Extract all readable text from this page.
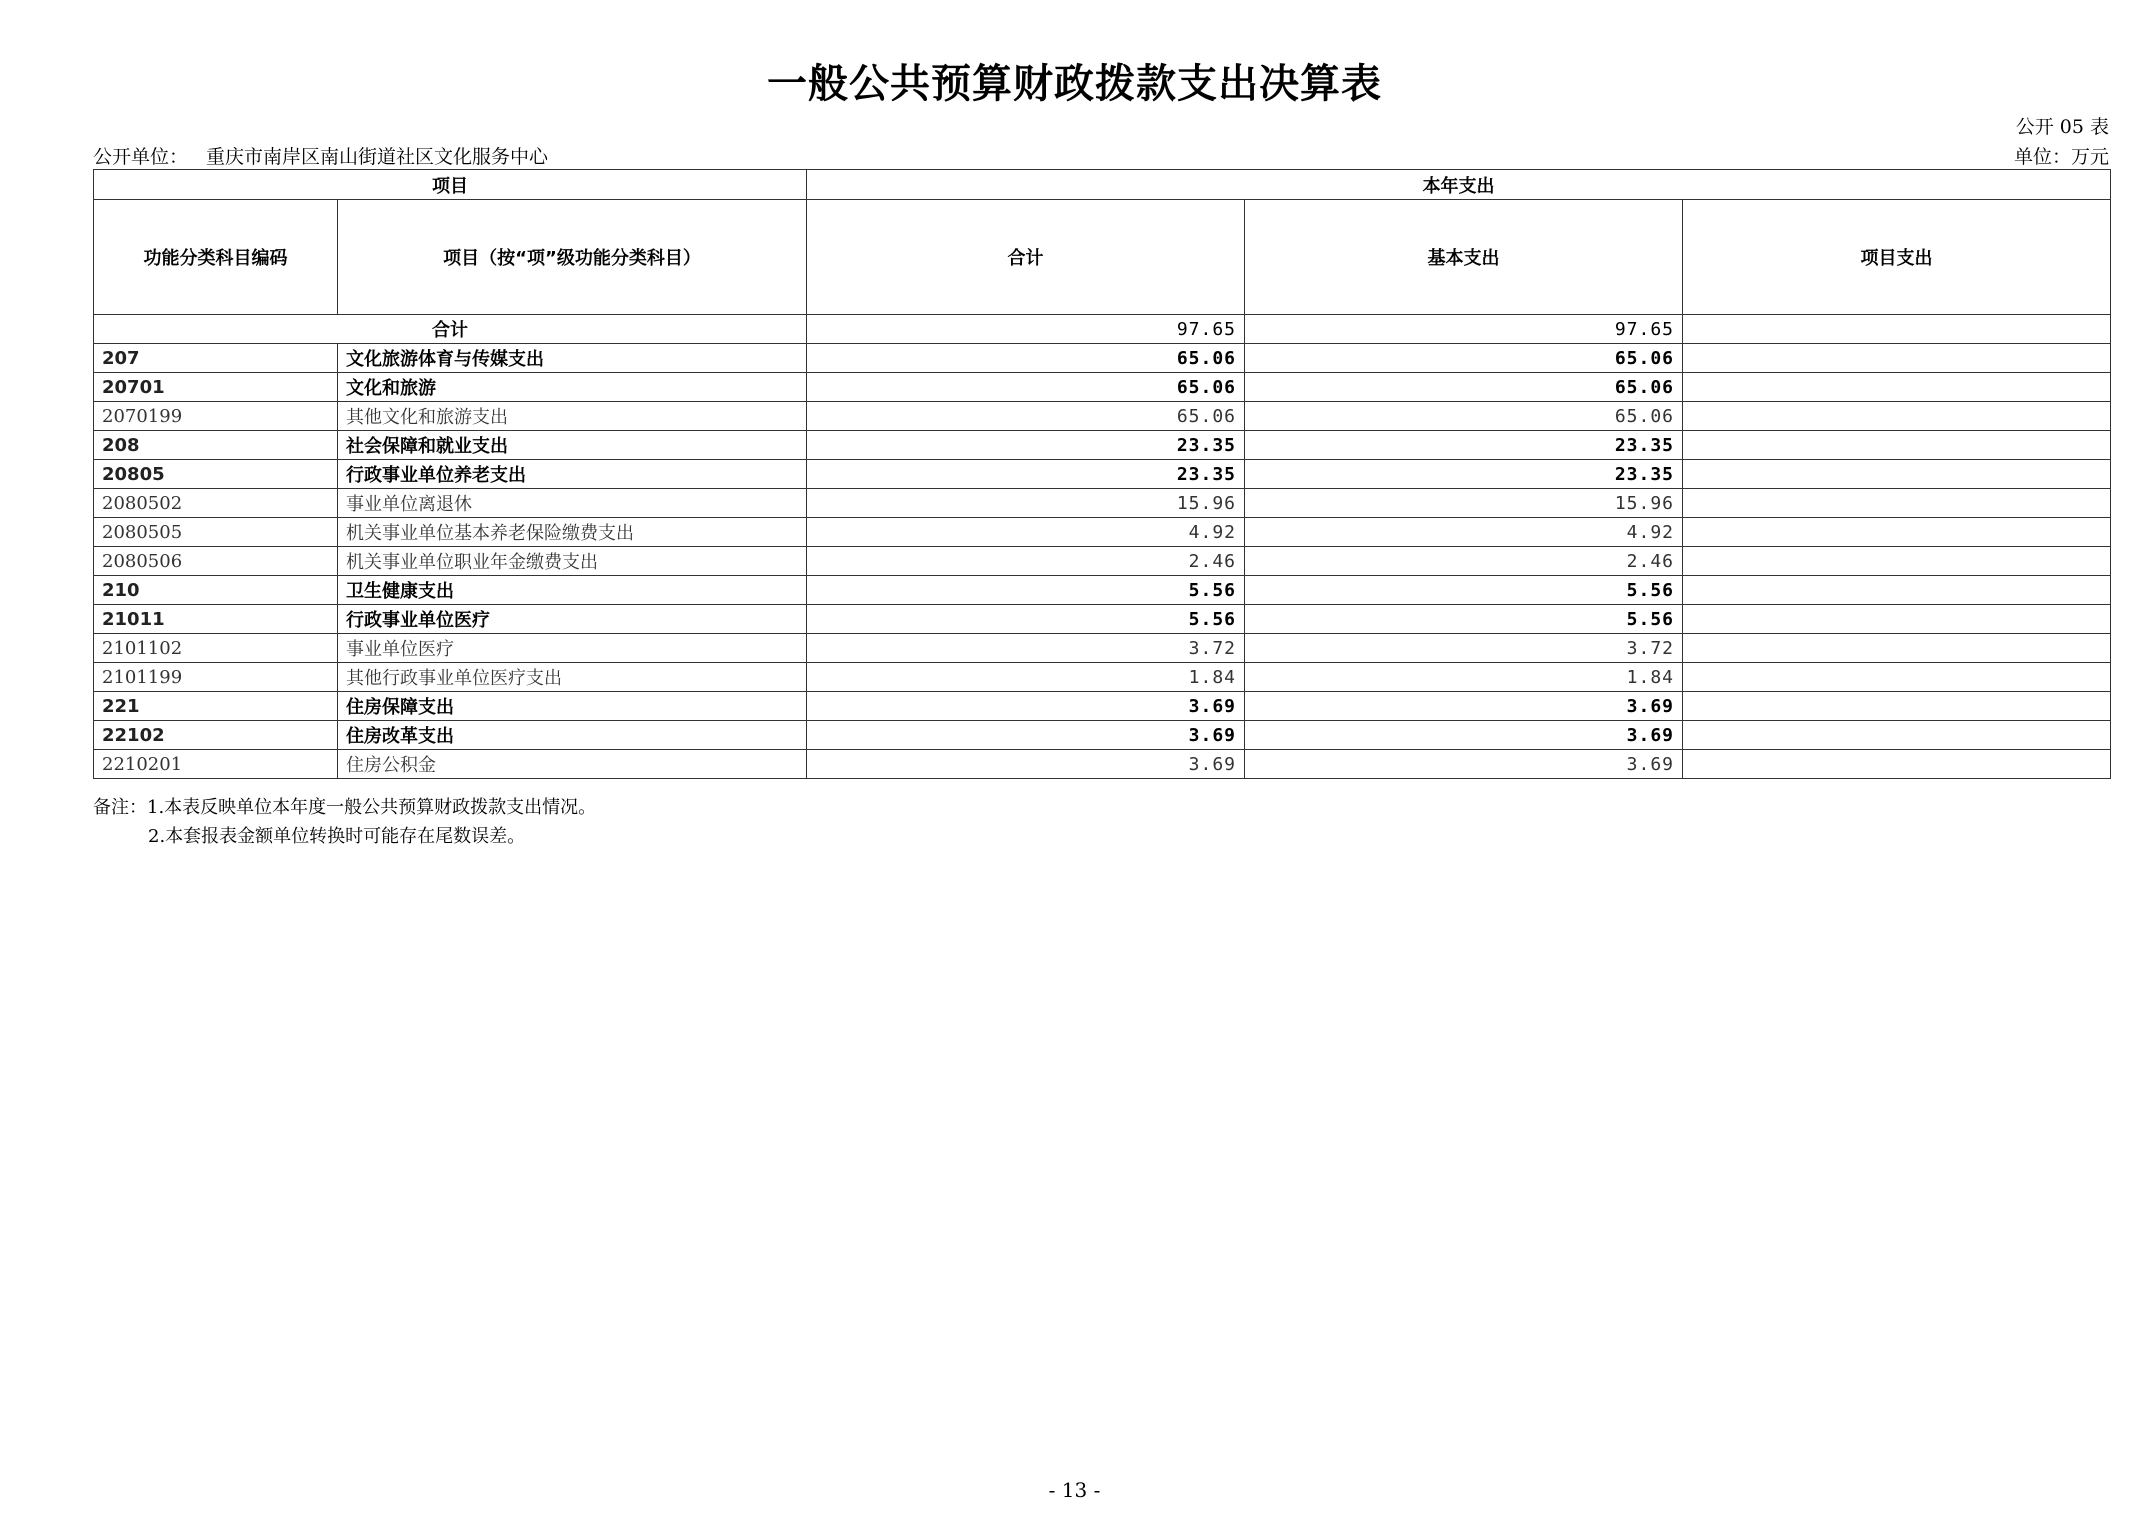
一般公共预算财政拨款支出决算表
公开 05 表
公开单位： 重庆市南岸区南山街道社区文化服务中心	单位：万元
项目		本年支出		
功能分类科目编码	项目（按“项”级功能分类科目）	合计	基本支出	项目支出
合计		97.65	97.65	
207	文化旅游体育与传媒支出	65.06	65.06	
20701	文化和旅游	65.06	65.06	
2070199	其他文化和旅游支出	65.06	65.06	
208	社会保障和就业支出	23.35	23.35	
20805	行政事业单位养老支出	23.35	23.35	
2080502	事业单位离退休	15.96	15.96	
2080505	机关事业单位基本养老保险缴费支出	4.92	4.92	
2080506	机关事业单位职业年金缴费支出	2.46	2.46	
210	卫生健康支出	5.56	5.56	
21011	行政事业单位医疗	5.56	5.56	
2101102	事业单位医疗	3.72	3.72	
2101199	其他行政事业单位医疗支出	1.84	1.84	
221	住房保障支出	3.69	3.69	
22102	住房改革支出	3.69	3.69	
2210201	住房公积金	3.69	3.69	
备注：1.本表反映单位本年度一般公共预算财政拨款支出情况。
2.本套报表金额单位转换时可能存在尾数误差。
- 13 -
